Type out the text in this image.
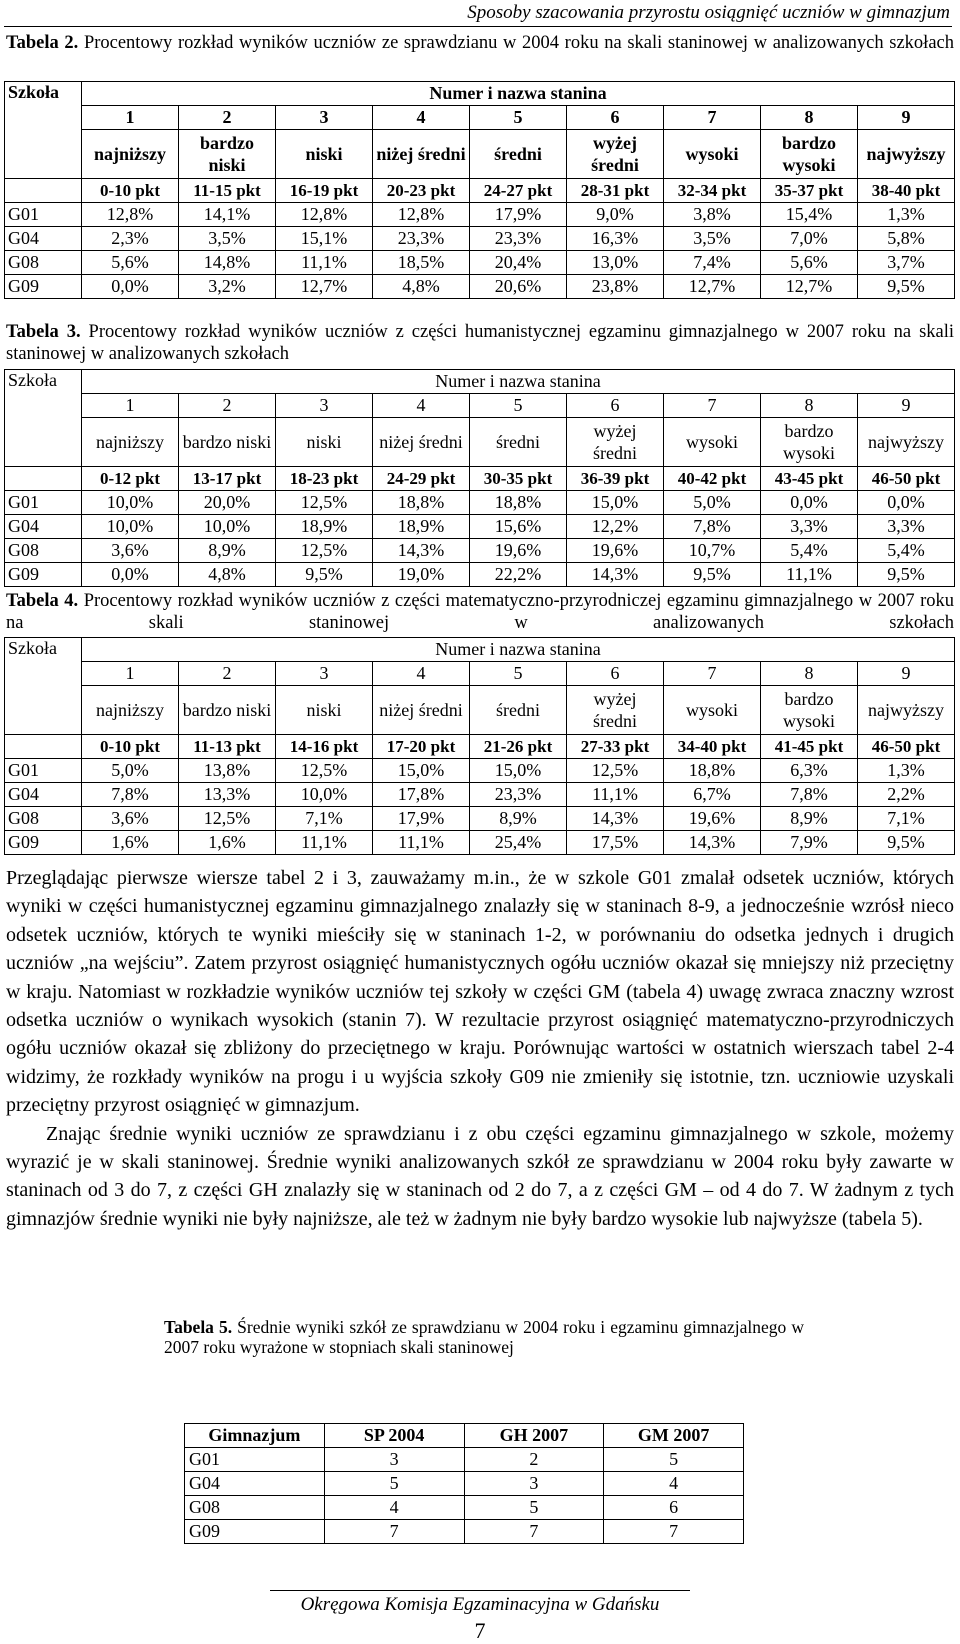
Sposoby szacowania przyrostu osiągnięć uczniów w gimnazjum
Tabela 2. Procentowy rozkład wyników uczniów ze sprawdzianu w 2004 roku na skali staninowej w analizowanych szkołach
Szkoła	Numer i nazwa stanina								
	1	2	3	4	5	6	7	8	9
	najniższy	bardzo niski	niski	niżej średni	średni	wyżej średni	wysoki	bardzo wysoki	najwyższy
	0-10 pkt	11-15 pkt	16-19 pkt	20-23 pkt	24-27 pkt	28-31 pkt	32-34 pkt	35-37 pkt	38-40 pkt
G01	12,8%	14,1%	12,8%	12,8%	17,9%	9,0%	3,8%	15,4%	1,3%
G04	2,3%	3,5%	15,1%	23,3%	23,3%	16,3%	3,5%	7,0%	5,8%
G08	5,6%	14,8%	11,1%	18,5%	20,4%	13,0%	7,4%	5,6%	3,7%
G09	0,0%	3,2%	12,7%	4,8%	20,6%	23,8%	12,7%	12,7%	9,5%
Tabela 3. Procentowy rozkład wyników uczniów z części humanistycznej egzaminu gimnazjalnego w 2007 roku na skali staninowej w analizowanych szkołach
Szkoła	Numer i nazwa stanina								
	1	2	3	4	5	6	7	8	9
	najniższy	bardzo niski	niski	niżej średni	średni	wyżej średni	wysoki	bardzo wysoki	najwyższy
	0-12 pkt	13-17 pkt	18-23 pkt	24-29 pkt	30-35 pkt	36-39 pkt	40-42 pkt	43-45 pkt	46-50 pkt
G01	10,0%	20,0%	12,5%	18,8%	18,8%	15,0%	5,0%	0,0%	0,0%
G04	10,0%	10,0%	18,9%	18,9%	15,6%	12,2%	7,8%	3,3%	3,3%
G08	3,6%	8,9%	12,5%	14,3%	19,6%	19,6%	10,7%	5,4%	5,4%
G09	0,0%	4,8%	9,5%	19,0%	22,2%	14,3%	9,5%	11,1%	9,5%
Tabela 4. Procentowy rozkład wyników uczniów z części matematyczno-przyrodniczej egzaminu gimnazjalnego w 2007 roku na skali staninowej w analizowanych szkołach
Szkoła	Numer i nazwa stanina								
	1	2	3	4	5	6	7	8	9
	najniższy	bardzo niski	niski	niżej średni	średni	wyżej średni	wysoki	bardzo wysoki	najwyższy
	0-10 pkt	11-13 pkt	14-16 pkt	17-20 pkt	21-26 pkt	27-33 pkt	34-40 pkt	41-45 pkt	46-50 pkt
G01	5,0%	13,8%	12,5%	15,0%	15,0%	12,5%	18,8%	6,3%	1,3%
G04	7,8%	13,3%	10,0%	17,8%	23,3%	11,1%	6,7%	7,8%	2,2%
G08	3,6%	12,5%	7,1%	17,9%	8,9%	14,3%	19,6%	8,9%	7,1%
G09	1,6%	1,6%	11,1%	11,1%	25,4%	17,5%	14,3%	7,9%	9,5%

Przeglądając pierwsze wiersze tabel 2 i 3, zauważamy m.in., że w szkole G01 zmalał odsetek uczniów, których wyniki w części humanistycznej egzaminu gimnazjalnego znalazły się w staninach 8-9, a jednocześnie wzrósł nieco odsetek uczniów, których te wyniki mieściły się w staninach 1-2, w porównaniu do odsetka jednych i drugich uczniów „na wejściu”. Zatem przyrost osiągnięć humanistycznych ogółu uczniów okazał się mniejszy niż przeciętny w kraju. Natomiast w rozkładzie wyników uczniów tej szkoły w części GM (tabela 4) uwagę zwraca znaczny wzrost odsetka uczniów o wynikach wysokich (stanin 7). W rezultacie przyrost osiągnięć matematyczno-przyrodniczych ogółu uczniów okazał się zbliżony do przeciętnego w kraju. Porównując wartości w ostatnich wierszach tabel 2-4 widzimy, że rozkłady wyników na progu i u wyjścia szkoły G09 nie zmieniły się istotnie, tzn. uczniowie uzyskali przeciętny przyrost osiągnięć w gimnazjum.

Znając średnie wyniki uczniów ze sprawdzianu i z obu części egzaminu gimnazjalnego w szkole, możemy wyrazić je w skali staninowej. Średnie wyniki analizowanych szkół ze sprawdzianu w 2004 roku były zawarte w staninach od 3 do 7, z części GH znalazły się w staninach od 2 do 7, a z części GM – od 4 do 7. W żadnym z tych gimnazjów średnie wyniki nie były najniższe, ale też w żadnym nie były bardzo wysokie lub najwyższe (tabela 5).

Tabela 5. Średnie wyniki szkół ze sprawdzianu w 2004 roku i egzaminu gimnazjalnego w 2007 roku wyrażone w stopniach skali staninowej
Gimnazjum	SP 2004	GH 2007	GM 2007
G01	3	2	5
G04	5	3	4
G08	4	5	6
G09	7	7	7
Okręgowa Komisja Egzaminacyjna w Gdańsku
7
